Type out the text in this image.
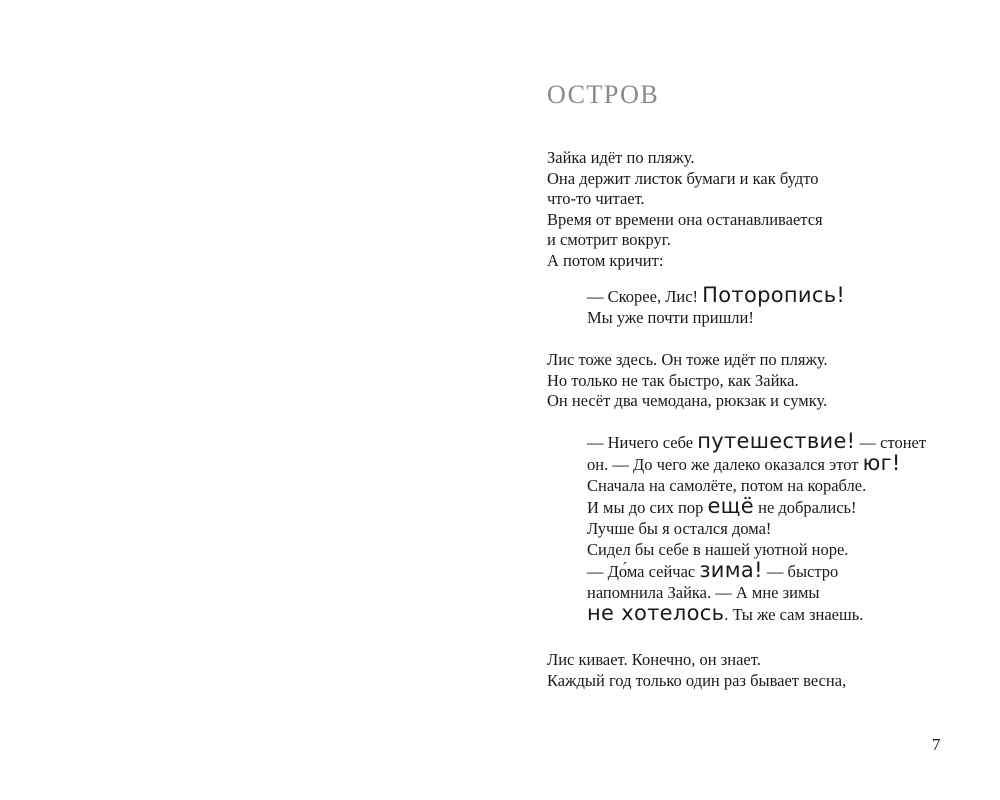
ОСТРОВ
Зайка идёт по пляжу.
Она держит листок бумаги и как будто
что-то читает.
Время от времени она останавливается
и смотрит вокруг.
А потом кричит:
— Скорее, Лис! Поторопись!
Мы уже почти пришли!
Лис тоже здесь. Он тоже идёт по пляжу.
Но только не так быстро, как Зайка.
Он несёт два чемодана, рюкзак и сумку.
— Ничего себе путешествие! — стонет
он. — До чего же далеко оказался этот юг!
Сначала на самолёте, потом на корабле.
И мы до сих пор ещё не добрались!
Лучше бы я остался дома!
Сидел бы себе в нашей уютной норе.
— До́ма сейчас зима! — быстро
напомнила Зайка. — А мне зимы
не хотелось. Ты же сам знаешь.
Лис кивает. Конечно, он знает.
Каждый год только один раз бывает весна,
7
